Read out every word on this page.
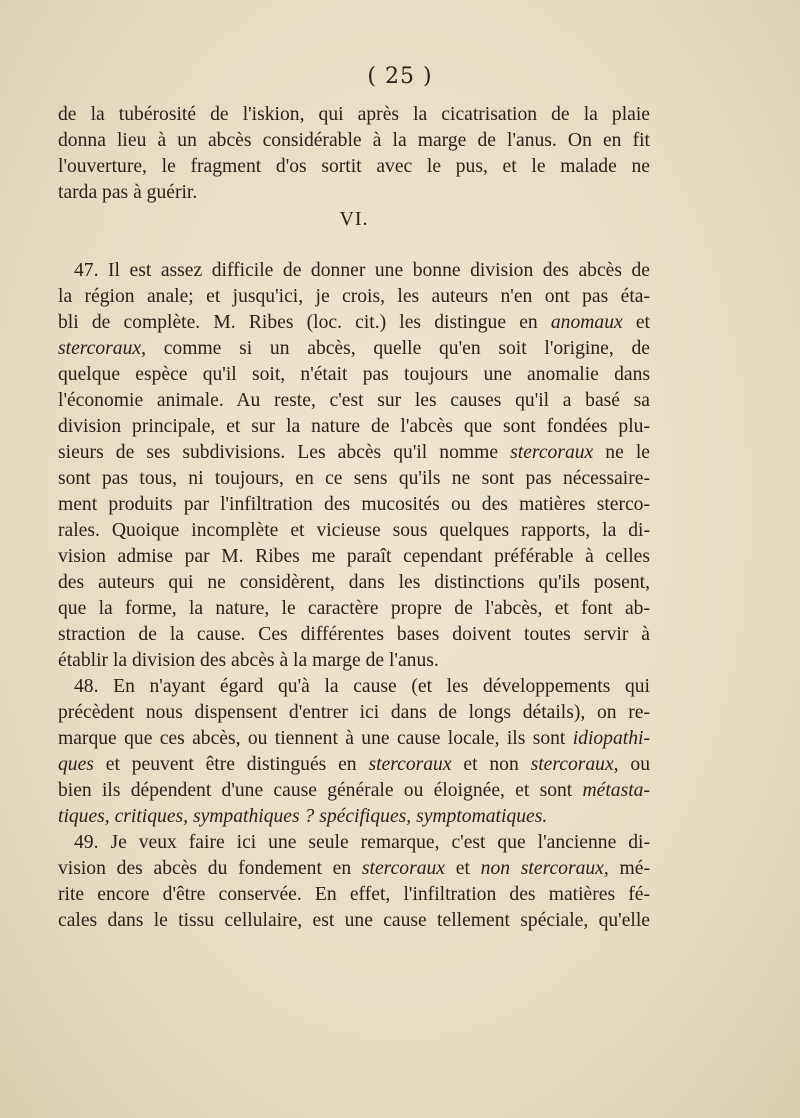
( 25 )
de la tubérosité de l'iskion, qui après la cicatrisation de la plaie
donna lieu à un abcès considérable à la marge de l'anus. On en fit
l'ouverture, le fragment d'os sortit avec le pus, et le malade ne
tarda pas à guérir.
VI.
47. Il est assez difficile de donner une bonne division des abcès de
la région anale; et jusqu'ici, je crois, les auteurs n'en ont pas éta-
bli de complète. M. Ribes (loc. cit.) les distingue en anomaux et
stercoraux, comme si un abcès, quelle qu'en soit l'origine, de
quelque espèce qu'il soit, n'était pas toujours une anomalie dans
l'économie animale. Au reste, c'est sur les causes qu'il a basé sa
division principale, et sur la nature de l'abcès que sont fondées plu-
sieurs de ses subdivisions. Les abcès qu'il nomme stercoraux ne le
sont pas tous, ni toujours, en ce sens qu'ils ne sont pas nécessaire-
ment produits par l'infiltration des mucosités ou des matières sterco-
rales. Quoique incomplète et vicieuse sous quelques rapports, la di-
vision admise par M. Ribes me paraît cependant préférable à celles
des auteurs qui ne considèrent, dans les distinctions qu'ils posent,
que la forme, la nature, le caractère propre de l'abcès, et font ab-
straction de la cause. Ces différentes bases doivent toutes servir à
établir la division des abcès à la marge de l'anus.
48. En n'ayant égard qu'à la cause (et les développements qui
précèdent nous dispensent d'entrer ici dans de longs détails), on re-
marque que ces abcès, ou tiennent à une cause locale, ils sont idiopathi-
ques et peuvent être distingués en stercoraux et non stercoraux, ou
bien ils dépendent d'une cause générale ou éloignée, et sont métasta-
tiques, critiques, sympathiques ? spécifiques, symptomatiques.
49. Je veux faire ici une seule remarque, c'est que l'ancienne di-
vision des abcès du fondement en stercoraux et non stercoraux, mé-
rite encore d'être conservée. En effet, l'infiltration des matières fé-
cales dans le tissu cellulaire, est une cause tellement spéciale, qu'elle
